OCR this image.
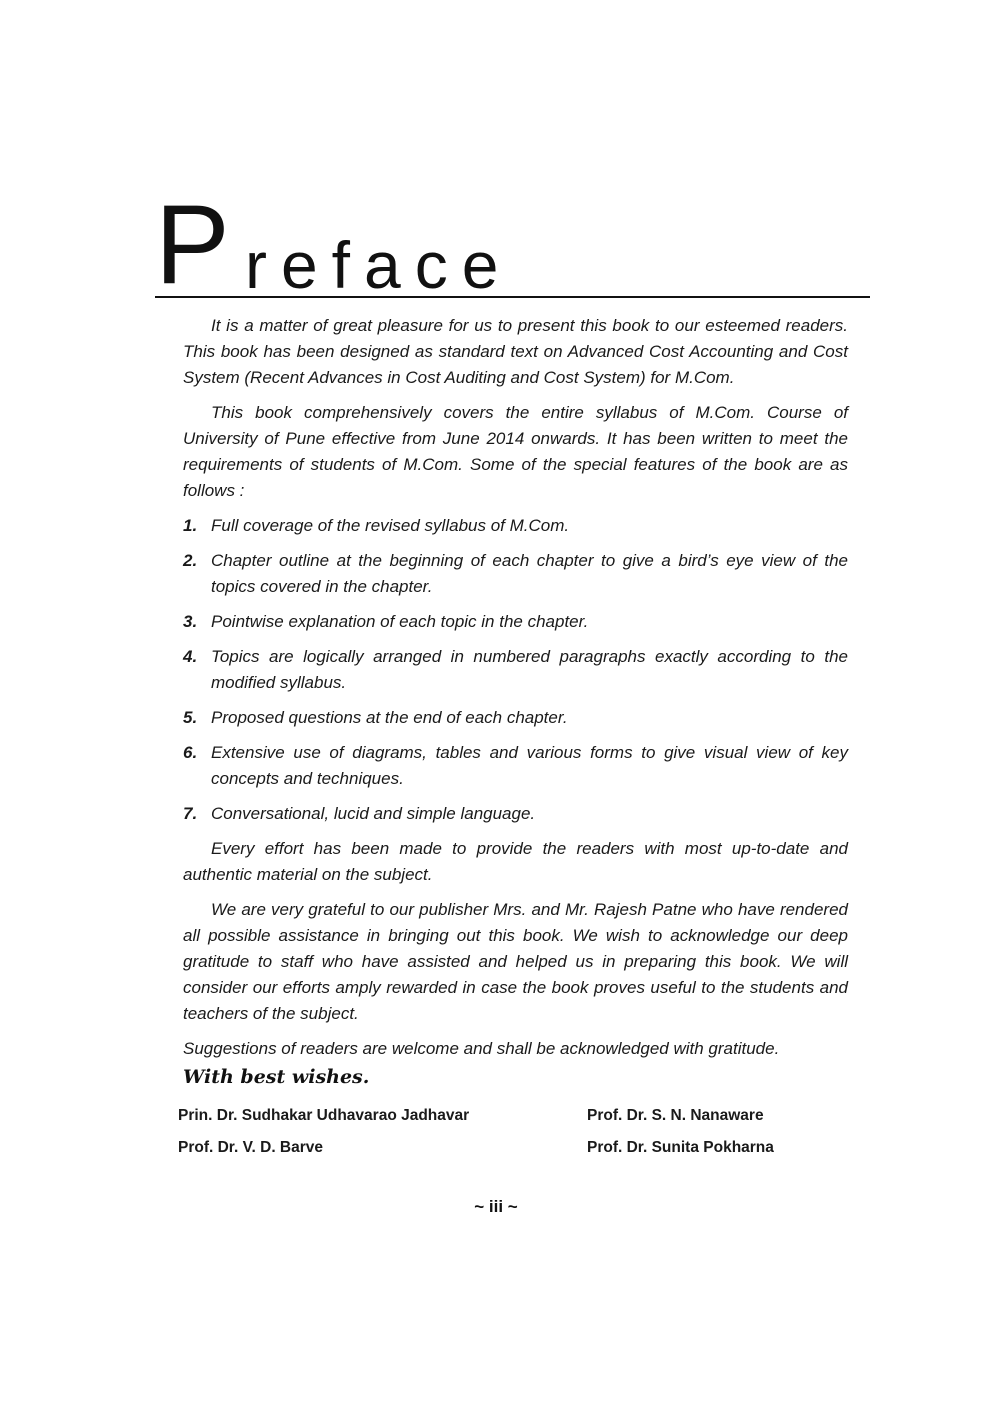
P reface

It is a matter of great pleasure for us to present this book to our esteemed readers. This book has been designed as standard text on Advanced Cost Accounting and Cost System (Recent Advances in Cost Auditing and Cost System) for M.Com.

This book comprehensively covers the entire syllabus of M.Com. Course of University of Pune effective from June 2014 onwards. It has been written to meet the requirements of students of M.Com. Some of the special features of the book are as follows :

1. Full coverage of the revised syllabus of M.Com.
2. Chapter outline at the beginning of each chapter to give a bird’s eye view of the topics covered in the chapter.
3. Pointwise explanation of each topic in the chapter.
4. Topics are logically arranged in numbered paragraphs exactly according to the modified syllabus.
5. Proposed questions at the end of each chapter.
6. Extensive use of diagrams, tables and various forms to give visual view of key concepts and techniques.
7. Conversational, lucid and simple language.

Every effort has been made to provide the readers with most up-to-date and authentic material on the subject.

We are very grateful to our publisher Mrs. and Mr. Rajesh Patne who have rendered all possible assistance in bringing out this book. We wish to acknowledge our deep gratitude to staff who have assisted and helped us in preparing this book. We will consider our efforts amply rewarded in case the book proves useful to the students and teachers of the subject.

Suggestions of readers are welcome and shall be acknowledged with gratitude.

With best wishes.
Prin. Dr. Sudhakar Udhavarao Jadhavar	Prof. Dr. S. N. Nanaware
Prof. Dr. V. D. Barve	Prof. Dr. Sunita Pokharna
~ iii ~
